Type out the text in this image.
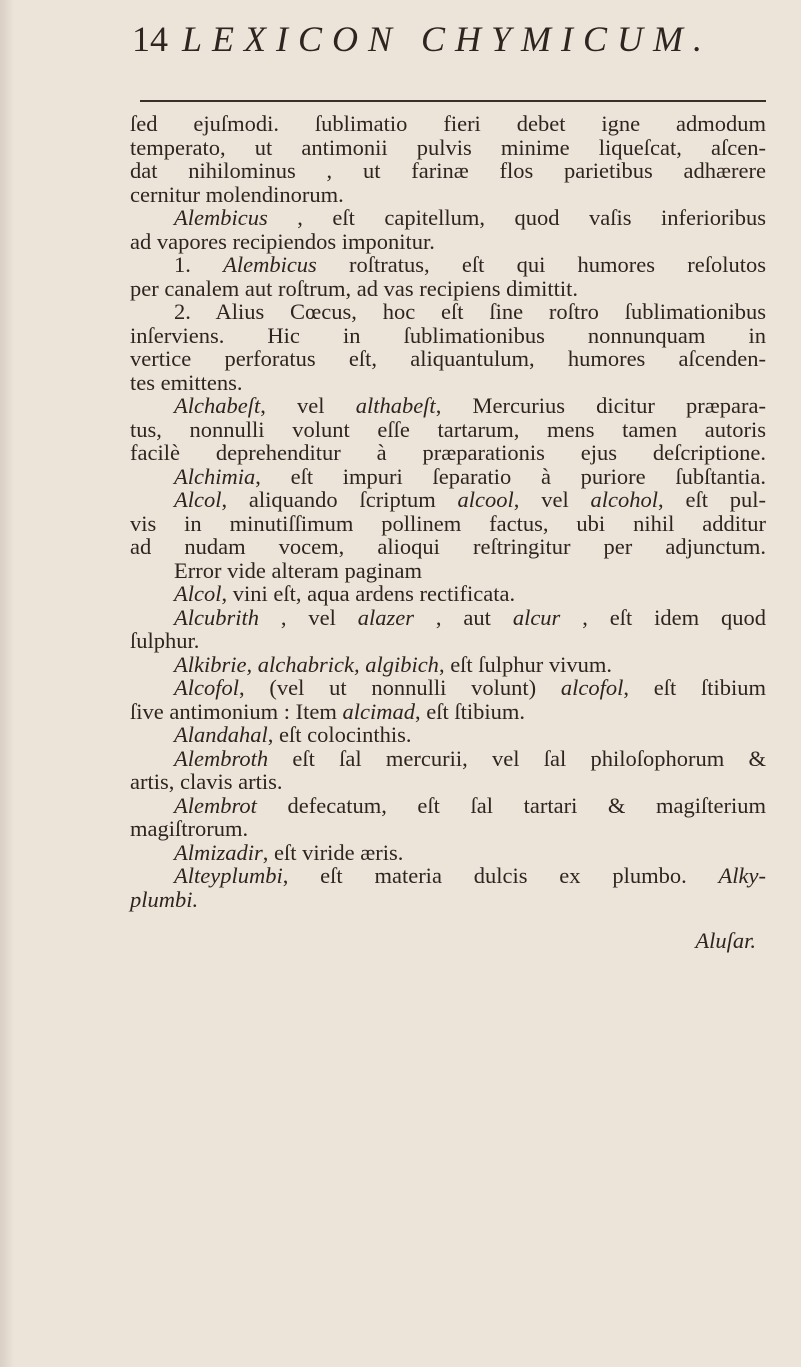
14 LEXICON CHYMICUM.
ſed ejuſmodi. ſublimatio fieri debet igne admodum
temperato, ut antimonii pulvis minime liqueſcat, aſcen-
dat nihilominus , ut farinæ flos parietibus adhærere
cernitur molendinorum.
Alembicus , eſt capitellum, quod vaſis inferioribus
ad vapores recipiendos imponitur.
1. Alembicus roſtratus, eſt qui humores reſolutos
per canalem aut roſtrum, ad vas recipiens dimittit.
2. Alius Cœcus, hoc eſt ſine roſtro ſublimationibus
inſerviens. Hic in ſublimationibus nonnunquam in
vertice perforatus eſt, aliquantulum, humores aſcenden-
tes emittens.
Alchabeſt, vel althabeſt, Mercurius dicitur præpara-
tus, nonnulli volunt eſſe tartarum, mens tamen autoris
facilè deprehenditur à præparationis ejus deſcriptione.
Alchimia, eſt impuri ſeparatio à puriore ſubſtantia.
Alcol, aliquando ſcriptum alcool, vel alcohol, eſt pul-
vis in minutiſſimum pollinem factus, ubi nihil additur
ad nudam vocem, alioqui reſtringitur per adjunctum.
Error vide alteram paginam
Alcol, vini eſt, aqua ardens rectificata.
Alcubrith , vel alazer , aut alcur , eſt idem quod
ſulphur.
Alkibrie, alchabrick, algibich, eſt ſulphur vivum.
Alcofol, (vel ut nonnulli volunt) alcofol, eſt ſtibium
ſive antimonium : Item alcimad, eſt ſtibium.
Alandahal, eſt colocinthis.
Alembroth eſt ſal mercurii, vel ſal philoſophorum &
artis, clavis artis.
Alembrot defecatum, eſt ſal tartari & magiſterium
magiſtrorum.
Almizadir, eſt viride æris.
Alteyplumbi, eſt materia dulcis ex plumbo. Alky-
plumbi.
Aluſar.
